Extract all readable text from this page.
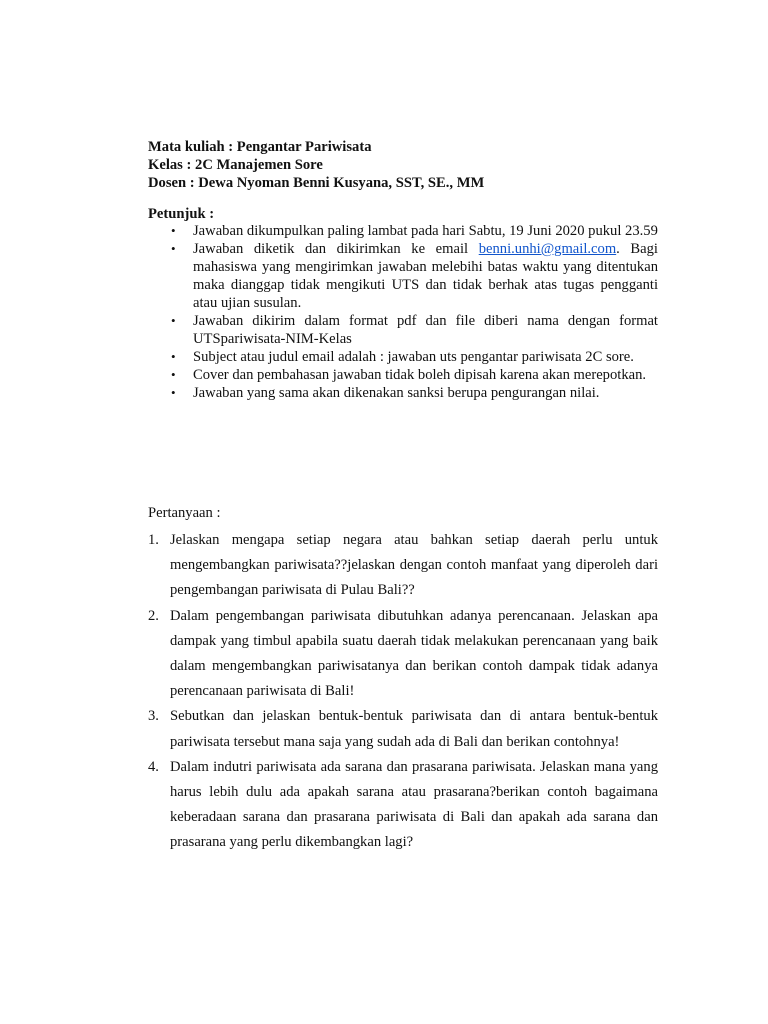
Mata kuliah : Pengantar Pariwisata
Kelas : 2C Manajemen Sore
Dosen : Dewa Nyoman Benni Kusyana, SST, SE., MM
Petunjuk :
• Jawaban dikumpulkan paling lambat pada hari Sabtu, 19 Juni 2020 pukul 23.59
• Jawaban diketik dan dikirimkan ke email benni.unhi@gmail.com. Bagi mahasiswa yang mengirimkan jawaban melebihi batas waktu yang ditentukan maka dianggap tidak mengikuti UTS dan tidak berhak atas tugas pengganti atau ujian susulan.
• Jawaban dikirim dalam format pdf dan file diberi nama dengan format UTSpariwisata-NIM-Kelas
• Subject atau judul email adalah : jawaban uts pengantar pariwisata 2C sore.
• Cover dan pembahasan jawaban tidak boleh dipisah karena akan merepotkan.
• Jawaban yang sama akan dikenakan sanksi berupa pengurangan nilai.
Pertanyaan :
1. Jelaskan mengapa setiap negara atau bahkan setiap daerah perlu untuk mengembangkan pariwisata??jelaskan dengan contoh manfaat yang diperoleh dari pengembangan pariwisata di Pulau Bali??
2. Dalam pengembangan pariwisata dibutuhkan adanya perencanaan. Jelaskan apa dampak yang timbul apabila suatu daerah tidak melakukan perencanaan yang baik dalam mengembangkan pariwisatanya dan berikan contoh dampak tidak adanya perencanaan pariwisata di Bali!
3. Sebutkan dan jelaskan bentuk-bentuk pariwisata dan di antara bentuk-bentuk pariwisata tersebut mana saja yang sudah ada di Bali dan berikan contohnya!
4. Dalam indutri pariwisata ada sarana dan prasarana pariwisata. Jelaskan mana yang harus lebih dulu ada apakah sarana atau prasarana?berikan contoh bagaimana keberadaan sarana dan prasarana pariwisata di Bali dan apakah ada sarana dan prasarana yang perlu dikembangkan lagi?
